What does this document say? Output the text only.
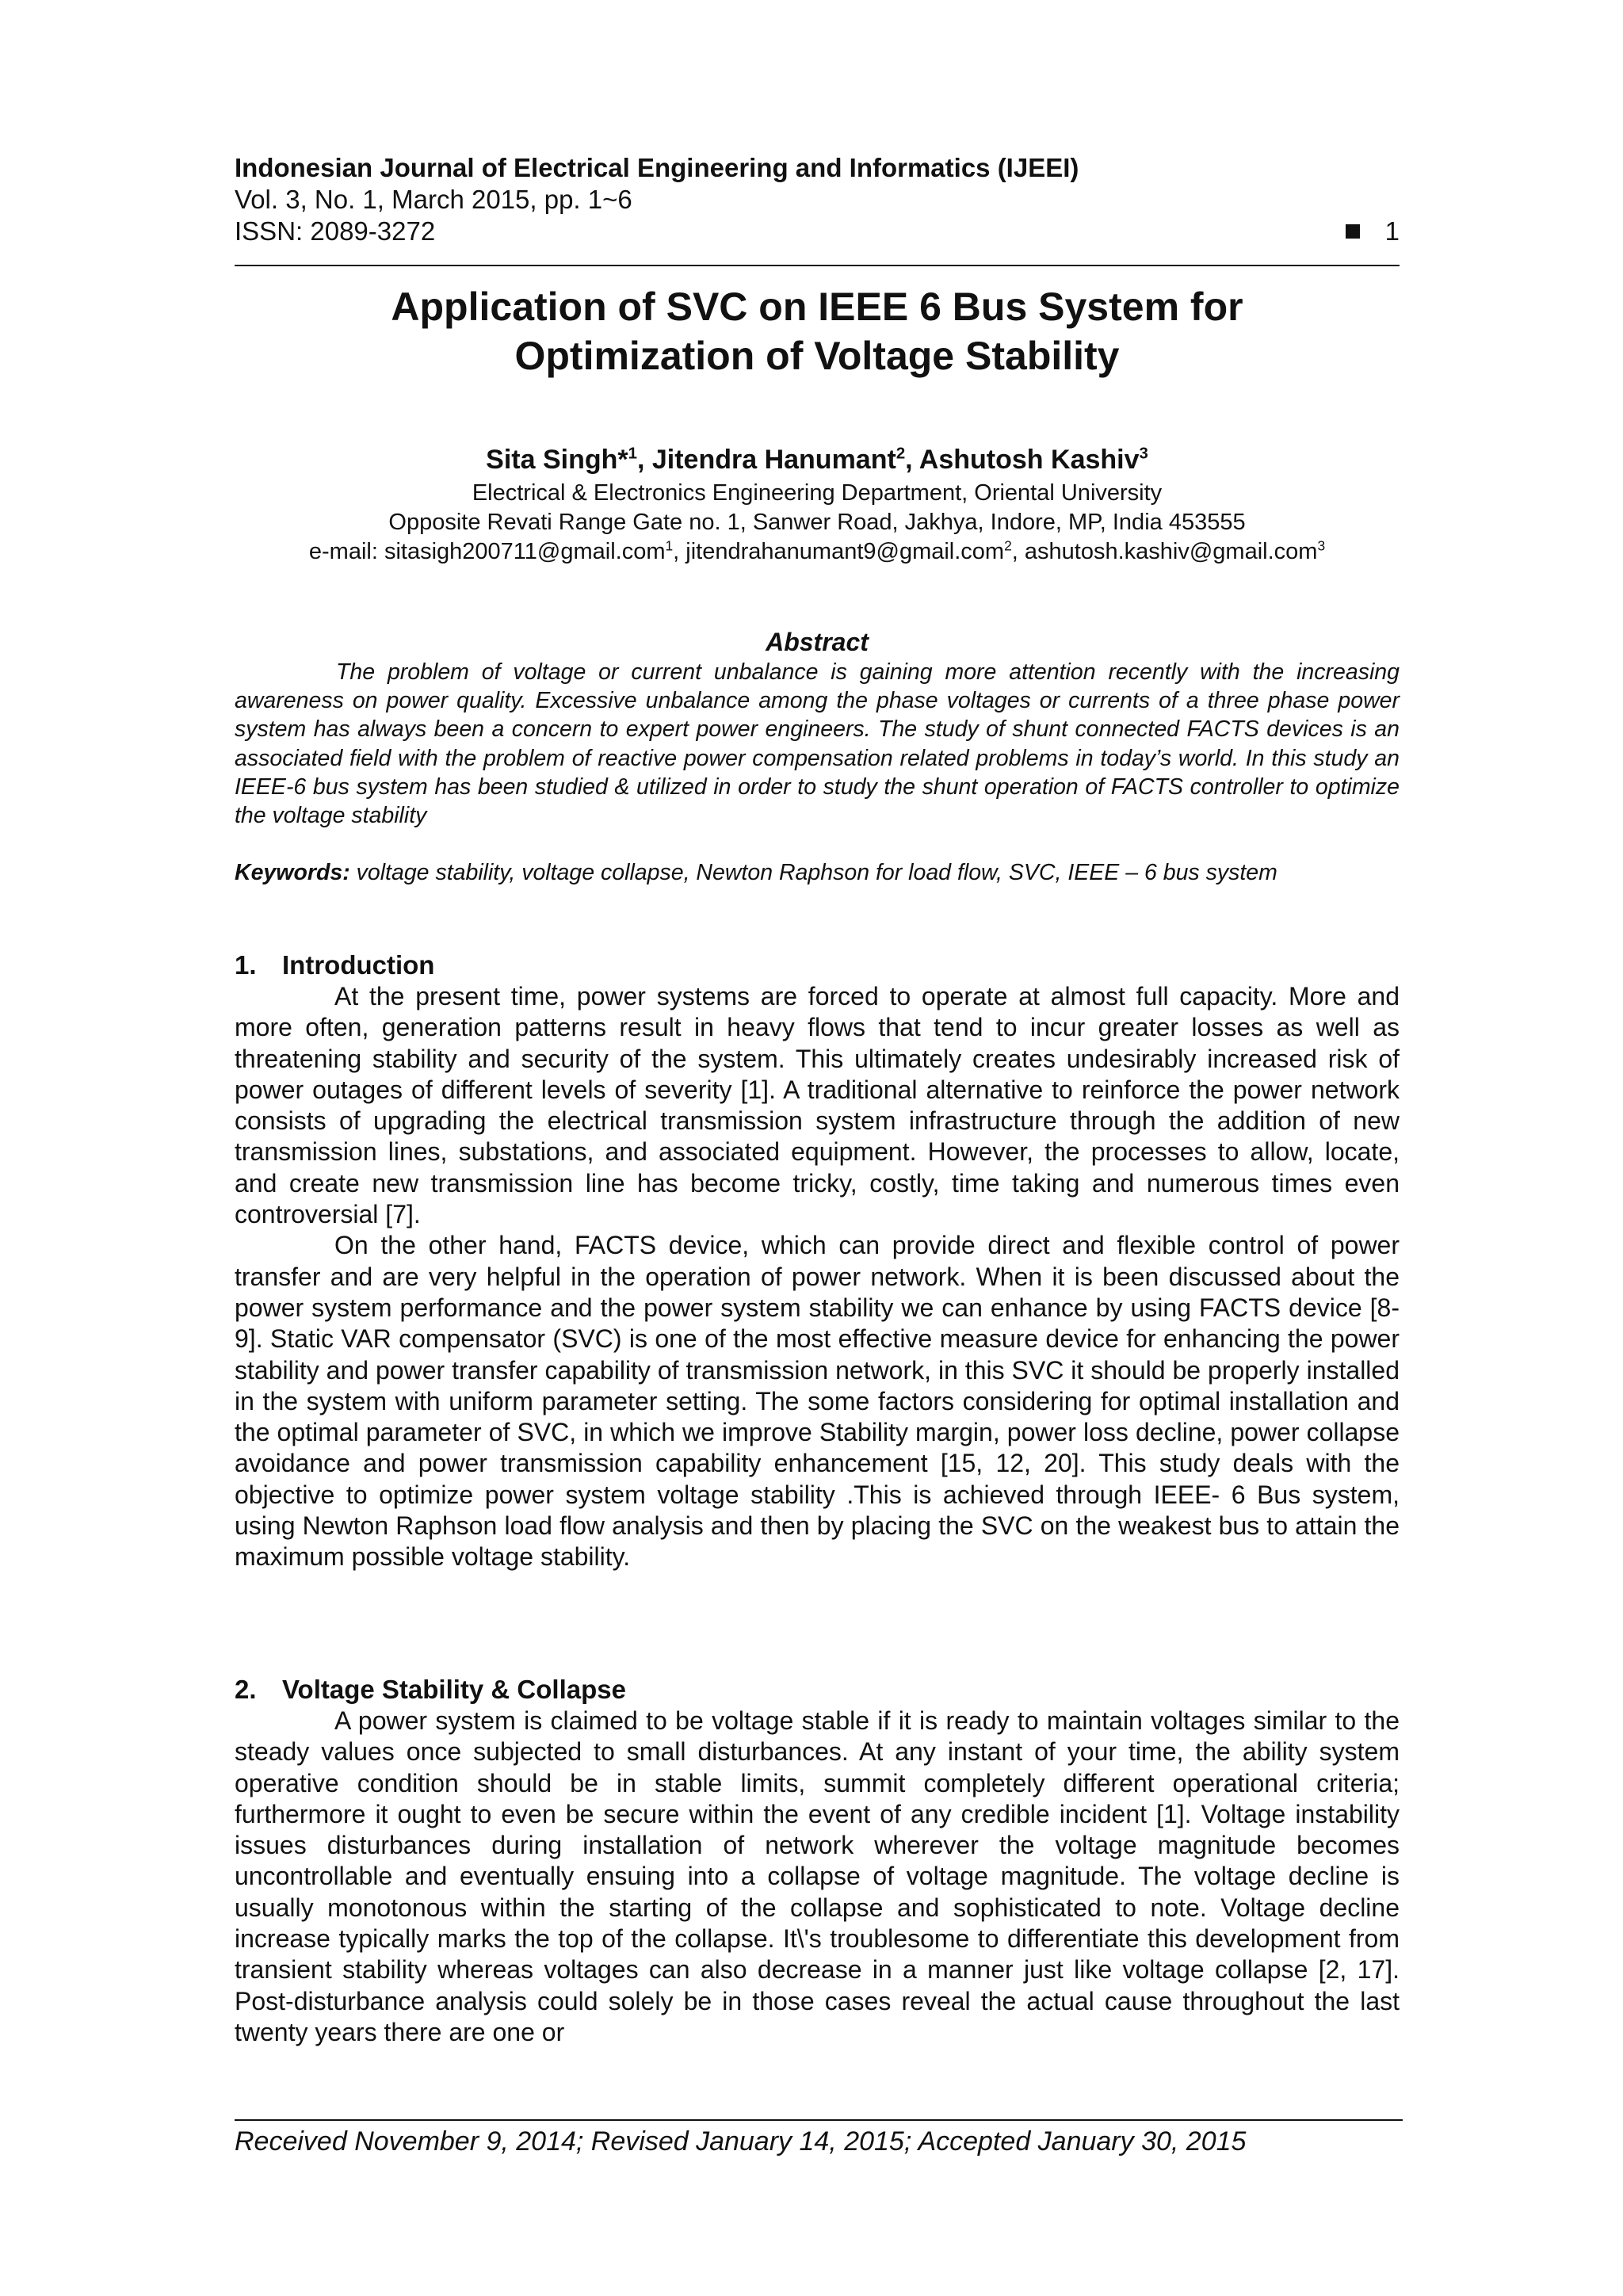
Indonesian Journal of Electrical Engineering and Informatics (IJEEI)
Vol. 3, No. 1, March 2015, pp. 1~6
ISSN: 2089-3272	1
Application of SVC on IEEE 6 Bus System for
Optimization of Voltage Stability
Sita Singh*$^1$, Jitendra Hanumant$^2$, Ashutosh Kashiv$^3$
Electrical & Electronics Engineering Department, Oriental University
Opposite Revati Range Gate no. 1, Sanwer Road, Jakhya, Indore, MP, India 453555
e-mail: sitasigh200711@gmail.com$^1$, jitendrahanumant9@gmail.com$^2$, ashutosh.kashiv@gmail.com$^3$
Abstract
The problem of voltage or current unbalance is gaining more attention recently with the increasing awareness on power quality. Excessive unbalance among the phase voltages or currents of a three phase power system has always been a concern to expert power engineers. The study of shunt connected FACTS devices is an associated field with the problem of reactive power compensation related problems in today’s world. In this study an IEEE-6 bus system has been studied & utilized in order to study the shunt operation of FACTS controller to optimize the voltage stability
Keywords: voltage stability, voltage collapse, Newton Raphson for load flow, SVC, IEEE – 6 bus system
1. Introduction

At the present time, power systems are forced to operate at almost full capacity. More and more often, generation patterns result in heavy flows that tend to incur greater losses as well as threatening stability and security of the system. This ultimately creates undesirably increased risk of power outages of different levels of severity [1]. A traditional alternative to reinforce the power network consists of upgrading the electrical transmission system infrastructure through the addition of new transmission lines, substations, and associated equipment. However, the processes to allow, locate, and create new transmission line has become tricky, costly, time taking and numerous times even controversial [7].

On the other hand, FACTS device, which can provide direct and flexible control of power transfer and are very helpful in the operation of power network. When it is been discussed about the power system performance and the power system stability we can enhance by using FACTS device [8-9]. Static VAR compensator (SVC) is one of the most effective measure device for enhancing the power stability and power transfer capability of transmission network, in this SVC it should be properly installed in the system with uniform parameter setting. The some factors considering for optimal installation and the optimal parameter of SVC, in which we improve Stability margin, power loss decline, power collapse avoidance and power transmission capability enhancement [15, 12, 20]. This study deals with the objective to optimize power system voltage stability .This is achieved through IEEE- 6 Bus system, using Newton Raphson load flow analysis and then by placing the SVC on the weakest bus to attain the maximum possible voltage stability.

2. Voltage Stability & Collapse

A power system is claimed to be voltage stable if it is ready to maintain voltages similar to the steady values once subjected to small disturbances. At any instant of your time, the ability system operative condition should be in stable limits, summit completely different operational criteria; furthermore it ought to even be secure within the event of any credible incident [1]. Voltage instability issues disturbances during installation of network wherever the voltage magnitude becomes uncontrollable and eventually ensuing into a collapse of voltage magnitude. The voltage decline is usually monotonous within the starting of the collapse and sophisticated to note. Voltage decline increase typically marks the top of the collapse. It\'s troublesome to differentiate this development from transient stability whereas voltages can also decrease in a manner just like voltage collapse [2, 17]. Post-disturbance analysis could solely be in those cases reveal the actual cause throughout the last twenty years there are one or

Received November 9, 2014; Revised January 14, 2015; Accepted January 30, 2015
